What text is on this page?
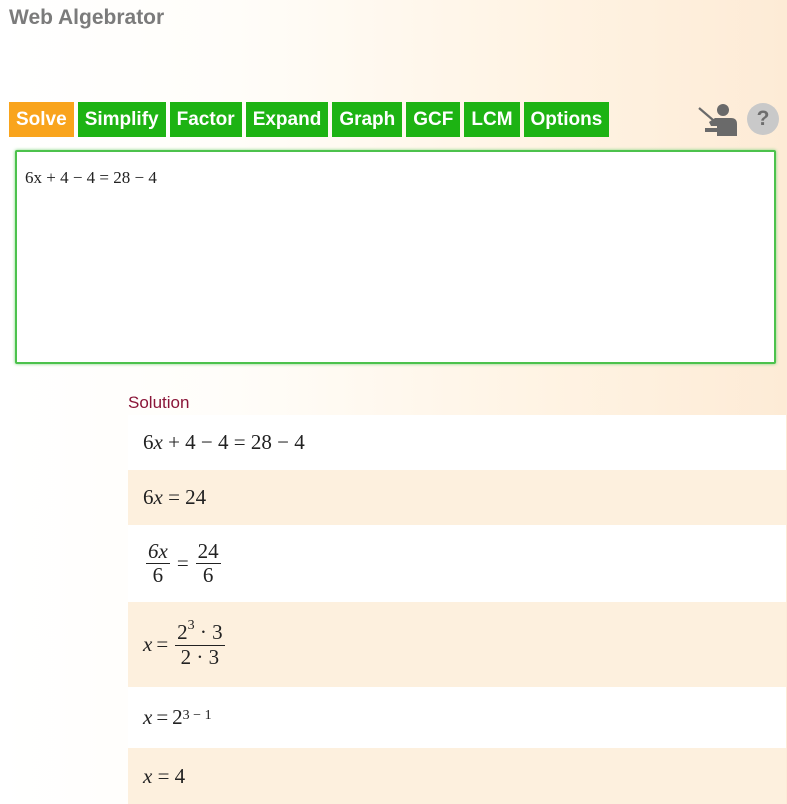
Web Algebrator
Solve Simplify Factor Expand Graph GCF LCM Options	?
6x + 4 − 4 = 28 − 4
Solution
6 x
+ 4 − 4 = 28 − 4
6 x
= 24
$\frac{6x}{6} = \frac{24}{6}$
$x = \frac{2^3 \cdot 3}{2 \cdot 3}$
$x = 2^{3 - 1}$
x
= 4
